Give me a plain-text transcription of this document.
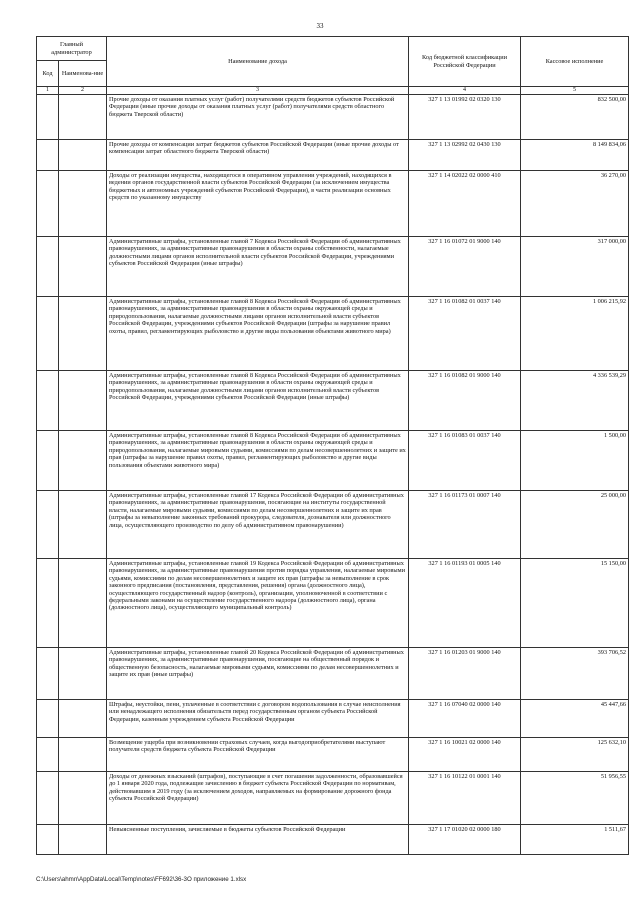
33
Главный администратор		Наименование дохода	Код бюджетной классификации Российской Федерации	Кассовое исполнение
Код	Наименова-ние			
1	2	3	4	5
		Прочие доходы от оказания платных услуг (работ) получателями средств бюджетов субъектов Российской Федерации (иные прочие доходы от оказания платных услуг (работ) получателями средств областного бюджета Тверской области)	327 1 13 01992 02 0320 130	832 500,00
		Прочие доходы от компенсации затрат бюджетов субъектов Российской Федерации (иные прочие доходы от компенсации затрат областного бюджета Тверской области)	327 1 13 02992 02 0430 130	8 149 834,06
		Доходы от реализации имущества, находящегося в оперативном управлении учреждений, находящихся в ведении органов государственной власти субъектов Российской Федерации (за исключением имущества бюджетных и автономных учреждений субъектов Российской Федерации), в части реализации основных средств по указанному имуществу	327 1 14 02022 02 0000 410	36 270,00
		Административные штрафы, установленные главой 7 Кодекса Российской Федерации об административных правонарушениях, за административные правонарушения в области охраны собственности, налагаемые должностными лицами органов исполнительной власти субъектов Российской Федерации, учреждениями субъектов Российской Федерации (иные штрафы)	327 1 16 01072 01 9000 140	317 000,00
		Административные штрафы, установленные главой 8 Кодекса Российской Федерации об административных правонарушениях, за административные правонарушения в области охраны окружающей среды и природопользования, налагаемые должностными лицами органов исполнительной власти субъектов Российской Федерации, учреждениями субъектов Российской Федерации (штрафы за нарушение правил охоты, правил, регламентирующих рыболовство и другие виды пользования объектами животного мира)	327 1 16 01082 01 0037 140	1 006 215,92
		Административные штрафы, установленные главой 8 Кодекса Российской Федерации об административных правонарушениях, за административные правонарушения в области охраны окружающей среды и природопользования, налагаемые должностными лицами органов исполнительной власти субъектов Российской Федерации, учреждениями субъектов Российской Федерации (иные штрафы)	327 1 16 01082 01 9000 140	4 336 539,29
		Административные штрафы, установленные главой 8 Кодекса Российской Федерации об административных правонарушениях, за административные правонарушения в области охраны окружающей среды и природопользования, налагаемые мировыми судьями, комиссиями по делам несовершеннолетних и защите их прав (штрафы за нарушение правил охоты, правил, регламентирующих рыболовство и другие виды пользования объектами животного мира)	327 1 16 01083 01 0037 140	1 500,00
		Административные штрафы, установленные главой 17 Кодекса Российской Федерации об административных правонарушениях, за административные правонарушения, посягающие на институты государственной власти, налагаемые мировыми судьями, комиссиями по делам несовершеннолетних и защите их прав (штрафы за невыполнение законных требований прокурора, следователя, дознавателя или должностного лица, осуществляющего производство по делу об административном правонарушении)	327 1 16 01173 01 0007 140	25 000,00
		Административные штрафы, установленные главой 19 Кодекса Российской Федерации об административных правонарушениях, за административные правонарушения против порядка управления, налагаемые мировыми судьями, комиссиями по делам несовершеннолетних и защите их прав (штрафы за невыполнение в срок законного предписания (постановления, представления, решения) органа (должностного лица), осуществляющего государственный надзор (контроль), организации, уполномоченной в соответствии с федеральными законами на осуществление государственного надзора (должностного лица), органа (должностного лица), осуществляющего муниципальный контроль)	327 1 16 01193 01 0005 140	15 150,00
		Административные штрафы, установленные главой 20 Кодекса Российской Федерации об административных правонарушениях, за административные правонарушения, посягающие на общественный порядок и общественную безопасность, налагаемые мировыми судьями, комиссиями по делам несовершеннолетних и защите их прав (иные штрафы)	327 1 16 01203 01 9000 140	393 706,52
		Штрафы, неустойки, пени, уплаченные в соответствии с договором водопользования в случае неисполнения или ненадлежащего исполнения обязательств перед государственным органом субъекта Российской Федерации, казенным учреждением субъекта Российской Федерации	327 1 16 07040 02 0000 140	45 447,66
		Возмещение ущерба при возникновении страховых случаев, когда выгодоприобретателями выступают получатели средств бюджета субъекта Российской Федерации	327 1 16 10021 02 0000 140	125 632,10
		Доходы от денежных взысканий (штрафов), поступающие в счет погашения задолженности, образовавшейся до 1 января 2020 года, подлежащие зачислению в бюджет субъекта Российской Федерации по нормативам, действовавшим в 2019 году (за исключением доходов, направляемых на формирование дорожного фонда субъекта Российской Федерации)	327 1 16 10122 01 0001 140	51 956,55
		Невыясненные поступления, зачисляемые в бюджеты субъектов Российской Федерации	327 1 17 01020 02 0000 180	1 511,67
C:\Users\ahmn\AppData\Local\Temp\notes\FF692\36-3О приложение 1.xlsx
